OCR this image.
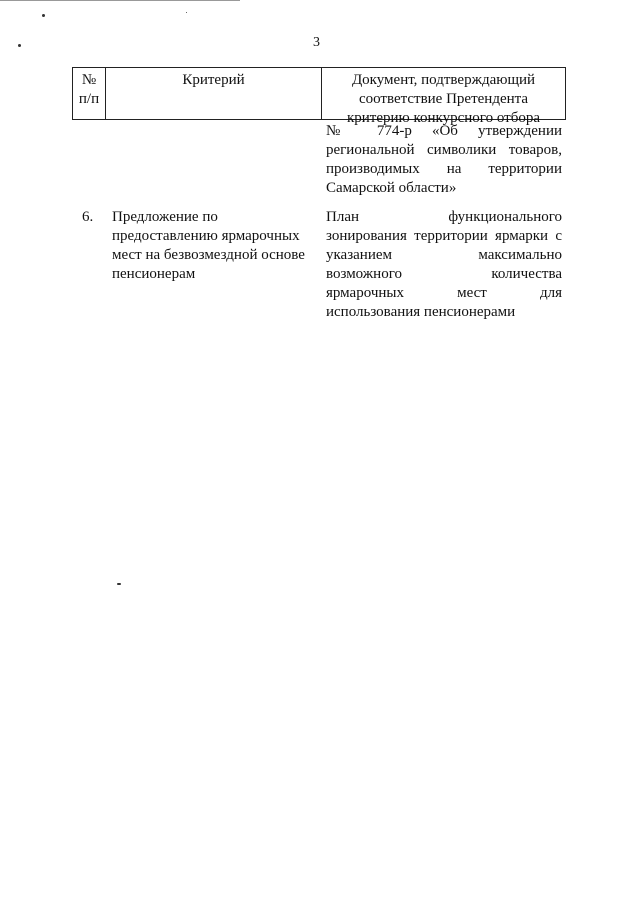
3
№
п/п
Критерий	Документ, подтверждающий
соответствие Претендента
критерию конкурсного отбора
№ 774-р «Об утверждении
региональной символики товаров,
производимых на территории
Самарской области»
6. Предложение по
предоставлению ярмарочных
мест на безвозмездной основе
пенсионерам
План функционального
зонирования территории ярмарки с
указанием максимально
возможного количества
ярмарочных мест для
использования пенсионерами
